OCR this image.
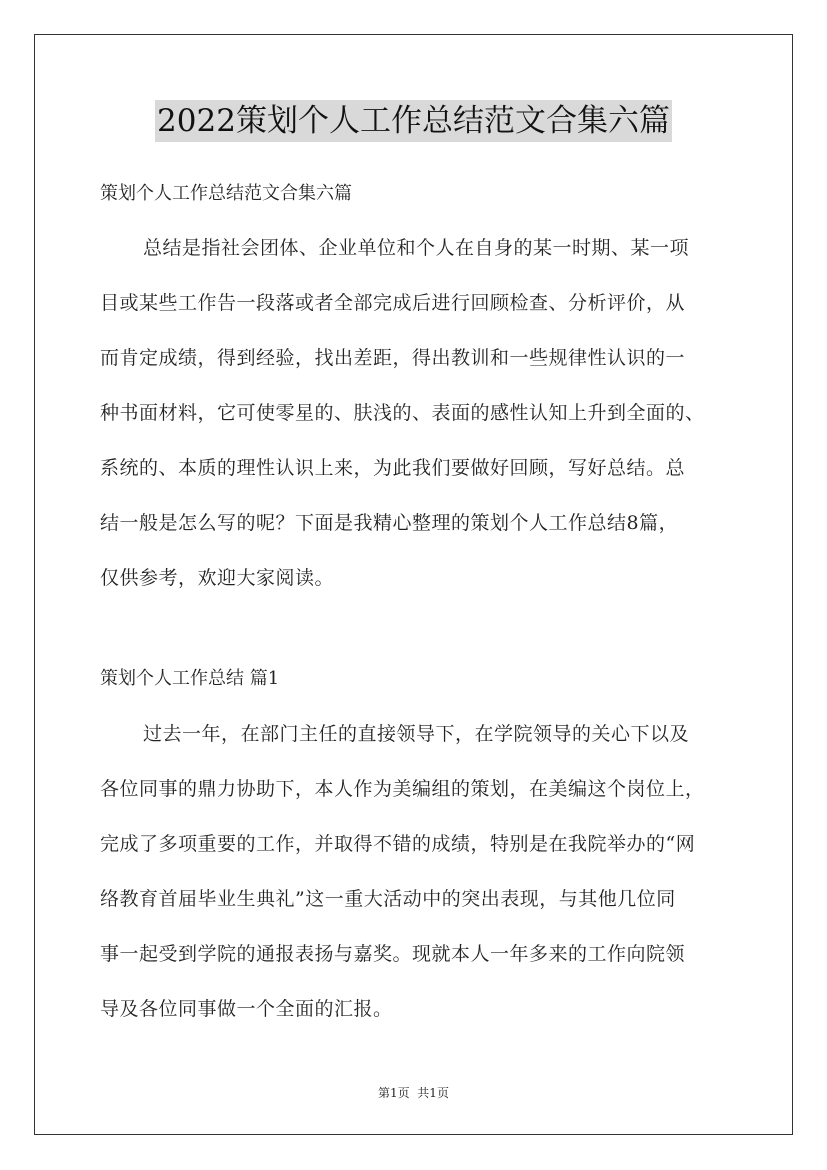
2022策划个人工作总结范文合集六篇
策划个人工作总结范文合集六篇
总结是指社会团体、企业单位和个人在自身的某一时期、某一项
目或某些工作告一段落或者全部完成后进行回顾检查、分析评价，从
而肯定成绩，得到经验，找出差距，得出教训和一些规律性认识的一
种书面材料，它可使零星的、肤浅的、表面的感性认知上升到全面的、
系统的、本质的理性认识上来，为此我们要做好回顾，写好总结。总
结一般是怎么写的呢？下面是我精心整理的策划个人工作总结8篇，
仅供参考，欢迎大家阅读。
策划个人工作总结 篇1
过去一年，在部门主任的直接领导下，在学院领导的关心下以及
各位同事的鼎力协助下，本人作为美编组的策划，在美编这个岗位上，
完成了多项重要的工作，并取得不错的成绩，特别是在我院举办的“网
络教育首届毕业生典礼”这一重大活动中的突出表现，与其他几位同
事一起受到学院的通报表扬与嘉奖。现就本人一年多来的工作向院领
导及各位同事做一个全面的汇报。
第1页  共1页
